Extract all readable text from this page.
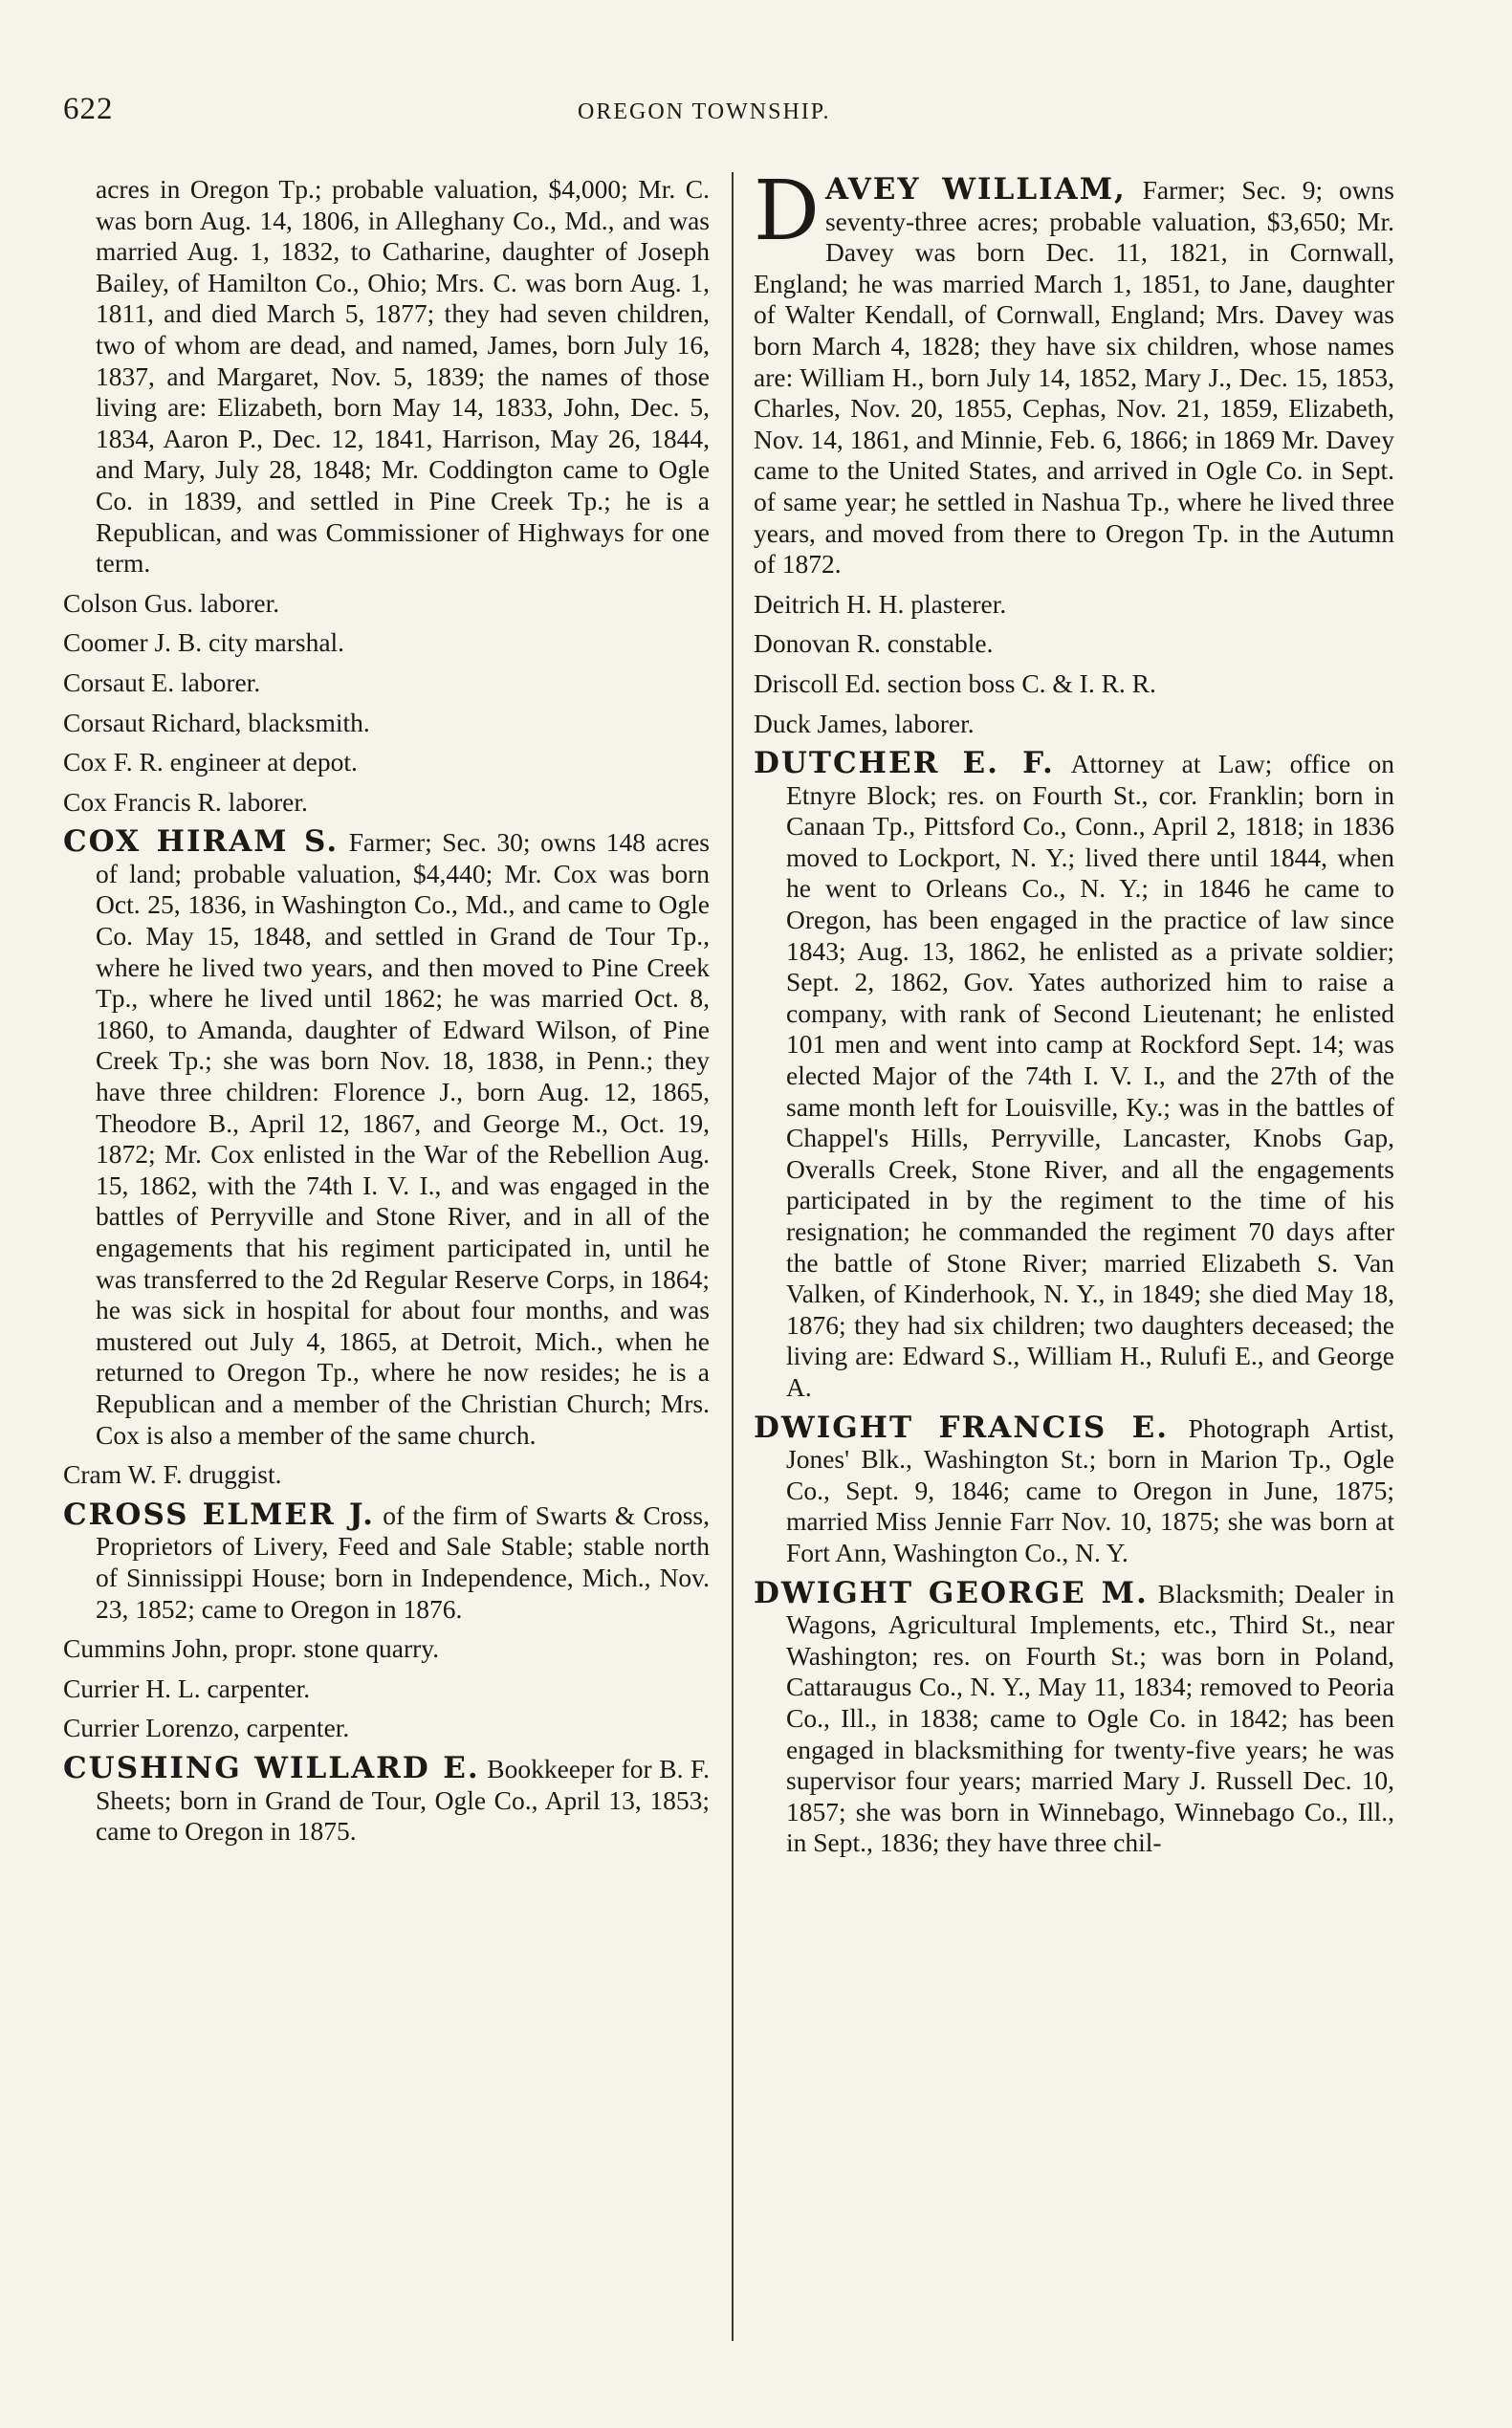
622	OREGON TOWNSHIP.

acres in Oregon Tp.; probable valuation, $4,000; Mr. C. was born Aug. 14, 1806, in Alleghany Co., Md., and was married Aug. 1, 1832, to Catharine, daughter of Joseph Bailey, of Hamilton Co., Ohio; Mrs. C. was born Aug. 1, 1811, and died March 5, 1877; they had seven children, two of whom are dead, and named, James, born July 16, 1837, and Margaret, Nov. 5, 1839; the names of those living are: Elizabeth, born May 14, 1833, John, Dec. 5, 1834, Aaron P., Dec. 12, 1841, Harrison, May 26, 1844, and Mary, July 28, 1848; Mr. Coddington came to Ogle Co. in 1839, and settled in Pine Creek Tp.; he is a Republican, and was Commissioner of Highways for one term.

Colson Gus. laborer.

Coomer J. B. city marshal.

Corsaut E. laborer.

Corsaut Richard, blacksmith.

Cox F. R. engineer at depot.

Cox Francis R. laborer.

COX HIRAM S. Farmer; Sec. 30; owns 148 acres of land; probable valuation, $4,440; Mr. Cox was born Oct. 25, 1836, in Washington Co., Md., and came to Ogle Co. May 15, 1848, and settled in Grand de Tour Tp., where he lived two years, and then moved to Pine Creek Tp., where he lived until 1862; he was married Oct. 8, 1860, to Amanda, daughter of Edward Wilson, of Pine Creek Tp.; she was born Nov. 18, 1838, in Penn.; they have three children: Florence J., born Aug. 12, 1865, Theodore B., April 12, 1867, and George M., Oct. 19, 1872; Mr. Cox enlisted in the War of the Rebellion Aug. 15, 1862, with the 74th I. V. I., and was engaged in the battles of Perryville and Stone River, and in all of the engagements that his regiment participated in, until he was transferred to the 2d Regular Reserve Corps, in 1864; he was sick in hospital for about four months, and was mustered out July 4, 1865, at Detroit, Mich., when he returned to Oregon Tp., where he now resides; he is a Republican and a member of the Christian Church; Mrs. Cox is also a member of the same church.

Cram W. F. druggist.

CROSS ELMER J. of the firm of Swarts & Cross, Proprietors of Livery, Feed and Sale Stable; stable north of Sinnissippi House; born in Independence, Mich., Nov. 23, 1852; came to Oregon in 1876.

Cummins John, propr. stone quarry.

Currier H. L. carpenter.

Currier Lorenzo, carpenter.

CUSHING WILLARD E. Bookkeeper for B. F. Sheets; born in Grand de Tour, Ogle Co., April 13, 1853; came to Oregon in 1875.

D AVEY WILLIAM, Farmer; Sec. 9; owns seventy-three acres; probable valuation, $3,650; Mr. Davey was born Dec. 11, 1821, in Cornwall, England; he was married March 1, 1851, to Jane, daughter of Walter Kendall, of Cornwall, England; Mrs. Davey was born March 4, 1828; they have six children, whose names are: William H., born July 14, 1852, Mary J., Dec. 15, 1853, Charles, Nov. 20, 1855, Cephas, Nov. 21, 1859, Elizabeth, Nov. 14, 1861, and Minnie, Feb. 6, 1866; in 1869 Mr. Davey came to the United States, and arrived in Ogle Co. in Sept. of same year; he settled in Nashua Tp., where he lived three years, and moved from there to Oregon Tp. in the Autumn of 1872.

Deitrich H. H. plasterer.

Donovan R. constable.

Driscoll Ed. section boss C. & I. R. R.

Duck James, laborer.

DUTCHER E. F. Attorney at Law; office on Etnyre Block; res. on Fourth St., cor. Franklin; born in Canaan Tp., Pittsford Co., Conn., April 2, 1818; in 1836 moved to Lockport, N. Y.; lived there until 1844, when he went to Orleans Co., N. Y.; in 1846 he came to Oregon, has been engaged in the practice of law since 1843; Aug. 13, 1862, he enlisted as a private soldier; Sept. 2, 1862, Gov. Yates authorized him to raise a company, with rank of Second Lieutenant; he enlisted 101 men and went into camp at Rockford Sept. 14; was elected Major of the 74th I. V. I., and the 27th of the same month left for Louisville, Ky.; was in the battles of Chappel's Hills, Perryville, Lancaster, Knobs Gap, Overalls Creek, Stone River, and all the engagements participated in by the regiment to the time of his resignation; he commanded the regiment 70 days after the battle of Stone River; married Elizabeth S. Van Valken, of Kinderhook, N. Y., in 1849; she died May 18, 1876; they had six children; two daughters deceased; the living are: Edward S., William H., Rulufi E., and George A.

DWIGHT FRANCIS E. Photograph Artist, Jones' Blk., Washington St.; born in Marion Tp., Ogle Co., Sept. 9, 1846; came to Oregon in June, 1875; married Miss Jennie Farr Nov. 10, 1875; she was born at Fort Ann, Washington Co., N. Y.

DWIGHT GEORGE M. Blacksmith; Dealer in Wagons, Agricultural Implements, etc., Third St., near Washington; res. on Fourth St.; was born in Poland, Cattaraugus Co., N. Y., May 11, 1834; removed to Peoria Co., Ill., in 1838; came to Ogle Co. in 1842; has been engaged in blacksmithing for twenty-five years; he was supervisor four years; married Mary J. Russell Dec. 10, 1857; she was born in Winnebago, Winnebago Co., Ill., in Sept., 1836; they have three chil-
